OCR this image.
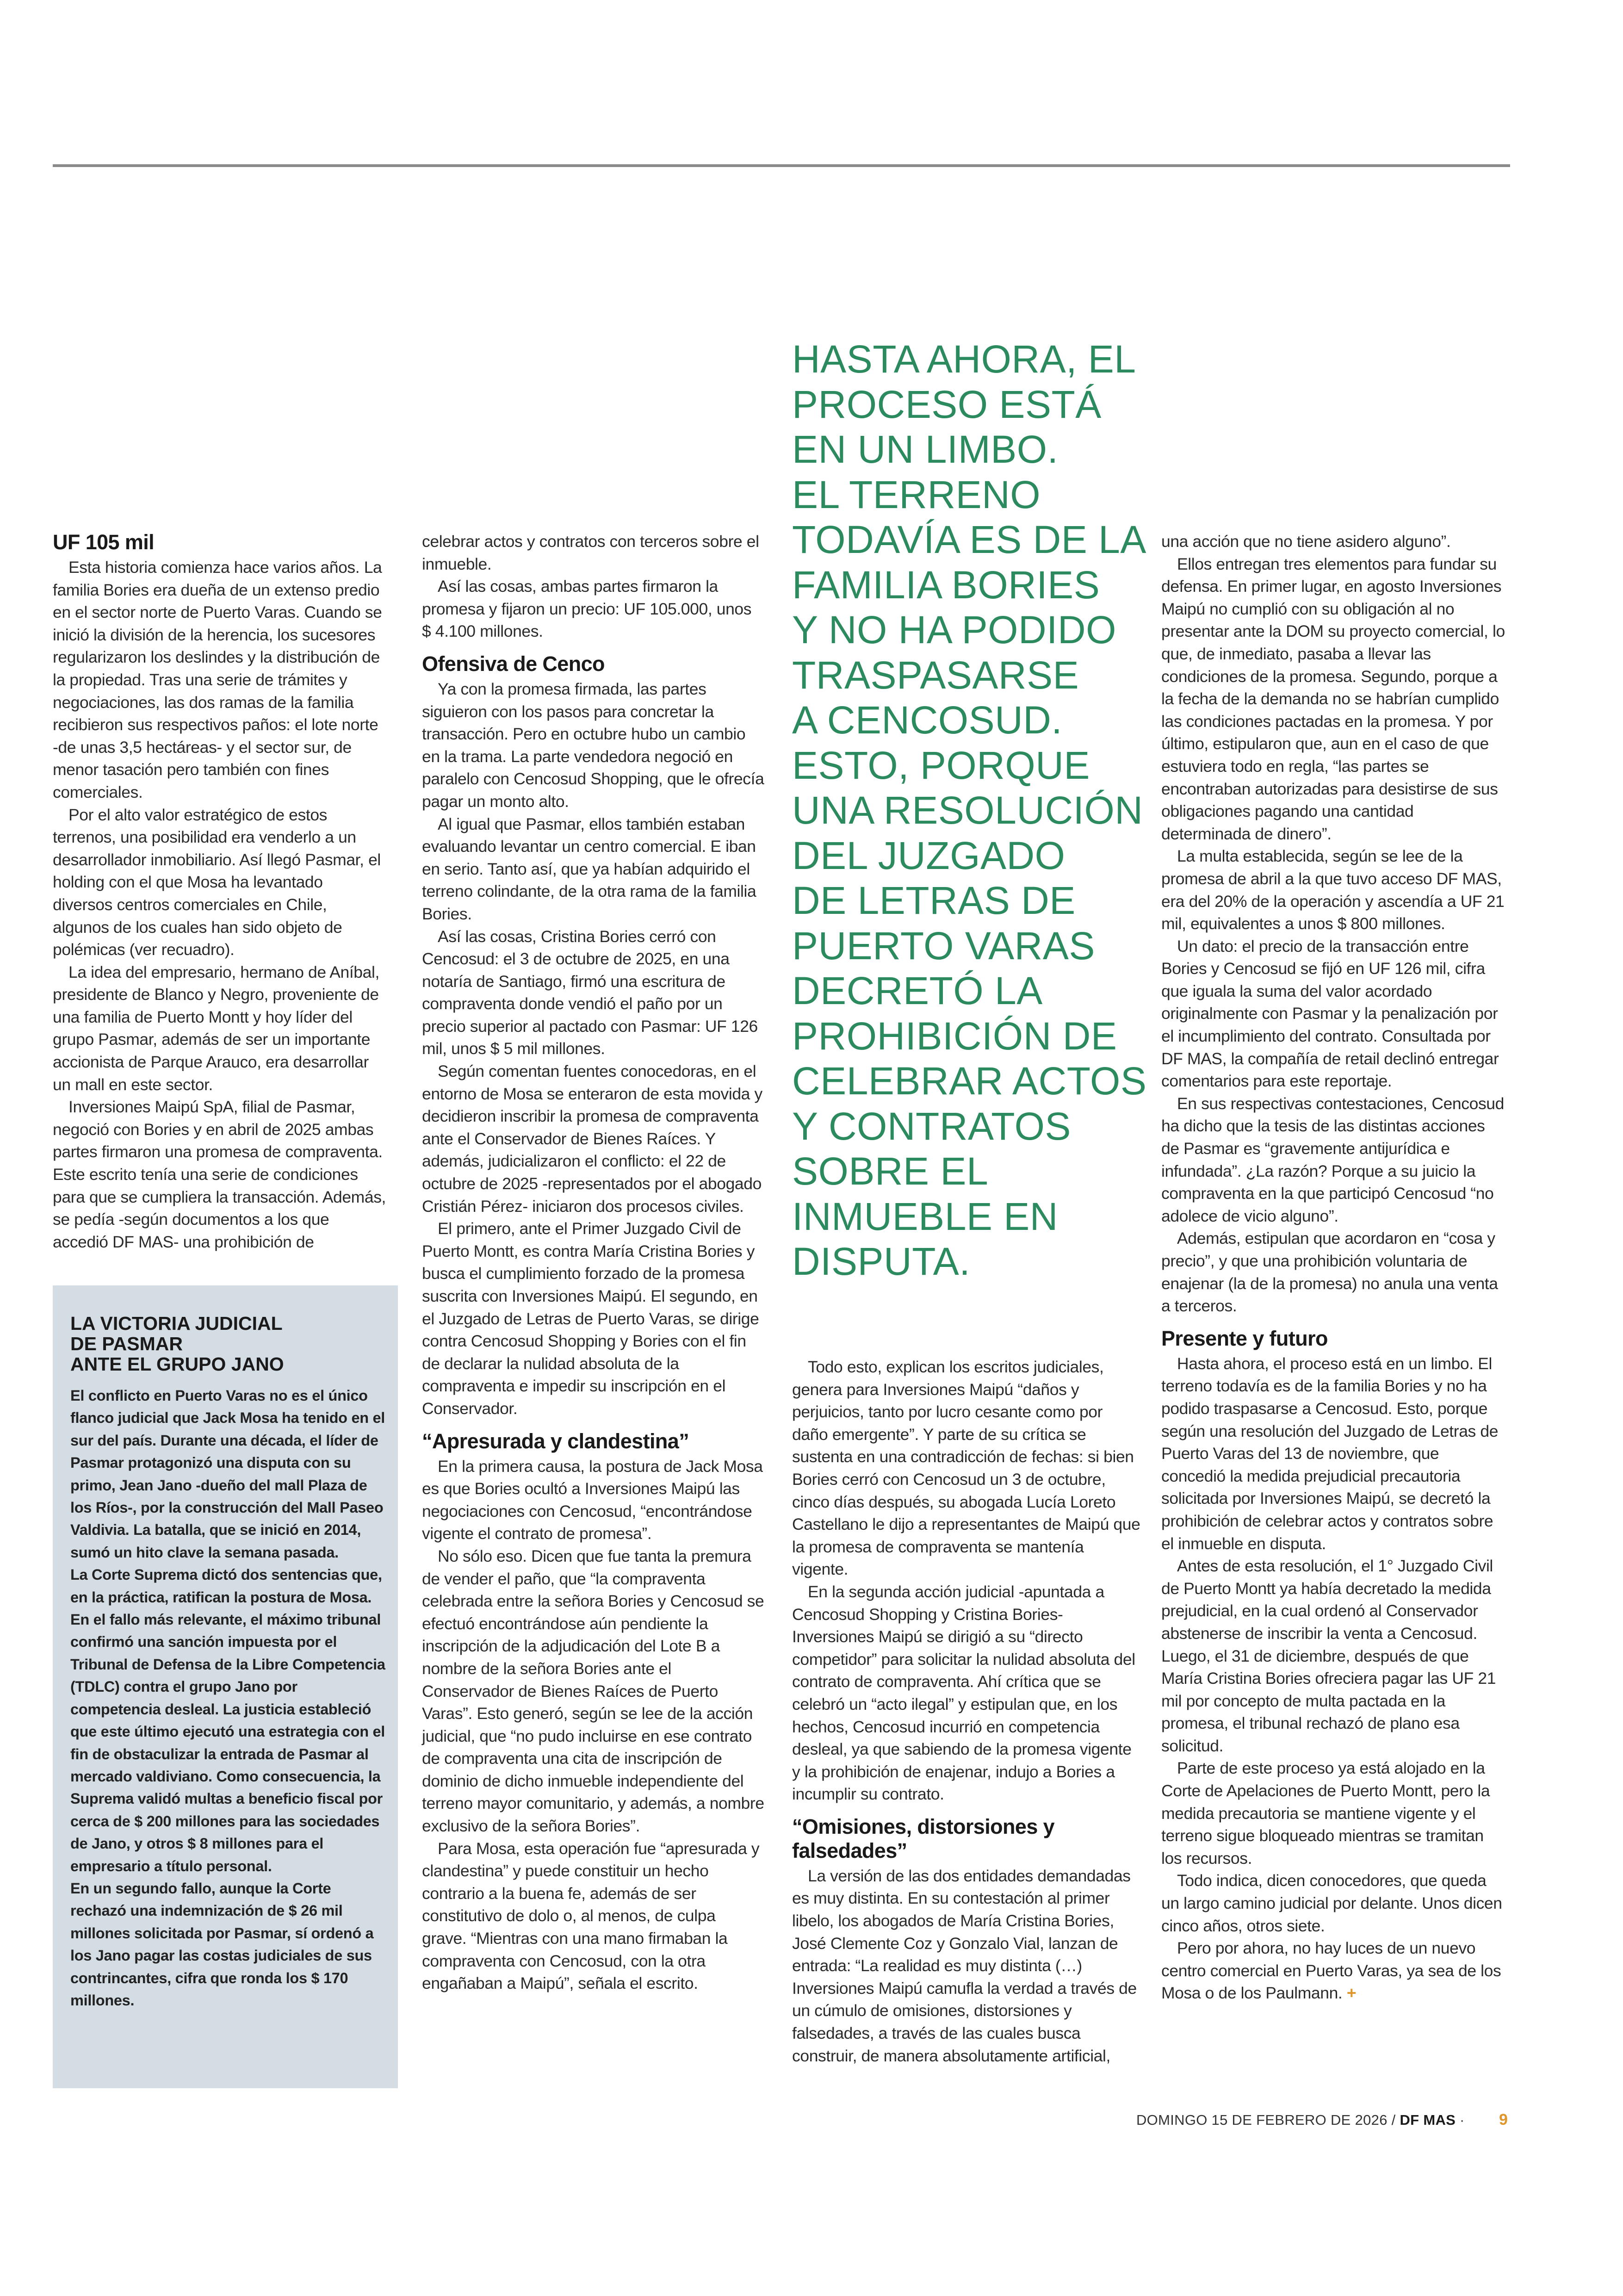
HASTA AHORA, EL
PROCESO ESTÁ
EN UN LIMBO.
EL TERRENO
TODAVÍA ES DE LA
FAMILIA BORIES
Y NO HA PODIDO
TRASPASARSE
A CENCOSUD.
ESTO, PORQUE
UNA RESOLUCIÓN
DEL JUZGADO
DE LETRAS DE
PUERTO VARAS
DECRETÓ LA
PROHIBICIÓN DE
CELEBRAR ACTOS
Y CONTRATOS
SOBRE EL
INMUEBLE EN
DISPUTA.
UF 105 mil

Esta historia comienza hace varios años. La familia Bories era dueña de un extenso predio en el sector norte de Puerto Varas. Cuando se inició la división de la herencia, los sucesores regularizaron los deslindes y la distribución de la propiedad. Tras una serie de trámites y negociaciones, las dos ramas de la familia recibieron sus respectivos paños: el lote norte -de unas 3,5 hectáreas- y el sector sur, de menor tasación pero también con fines comerciales.

Por el alto valor estratégico de estos terrenos, una posibilidad era venderlo a un desarrollador inmobiliario. Así llegó Pasmar, el holding con el que Mosa ha levantado diversos centros comerciales en Chile, algunos de los cuales han sido objeto de polémicas (ver recuadro).

La idea del empresario, hermano de Aníbal, presidente de Blanco y Negro, proveniente de una familia de Puerto Montt y hoy líder del grupo Pasmar, además de ser un importante accionista de Parque Arauco, era desarrollar un mall en este sector.

Inversiones Maipú SpA, filial de Pasmar, negoció con Bories y en abril de 2025 ambas partes firmaron una promesa de compraventa. Este escrito tenía una serie de condiciones para que se cumpliera la transacción. Además, se pedía -según documentos a los que accedió DF MAS- una prohibición de

LA VICTORIA JUDICIAL
DE PASMAR
ANTE EL GRUPO JANO

El conflicto en Puerto Varas no es el único flanco judicial que Jack Mosa ha tenido en el sur del país. Durante una década, el líder de Pasmar protagonizó una disputa con su primo, Jean Jano -dueño del mall Plaza de los Ríos-, por la construcción del Mall Paseo Valdivia. La batalla, que se inició en 2014, sumó un hito clave la semana pasada.

La Corte Suprema dictó dos sentencias que, en la práctica, ratifican la postura de Mosa. En el fallo más relevante, el máximo tribunal confirmó una sanción impuesta por el Tribunal de Defensa de la Libre Competencia (TDLC) contra el grupo Jano por competencia desleal. La justicia estableció que este último ejecutó una estrategia con el fin de obstaculizar la entrada de Pasmar al mercado valdiviano. Como consecuencia, la Suprema validó multas a beneficio fiscal por cerca de $ 200 millones para las sociedades de Jano, y otros $ 8 millones para el empresario a título personal.

En un segundo fallo, aunque la Corte rechazó una indemnización de $ 26 mil millones solicitada por Pasmar, sí ordenó a los Jano pagar las costas judiciales de sus contrincantes, cifra que ronda los $ 170 millones.

celebrar actos y contratos con terceros sobre el inmueble.

Así las cosas, ambas partes firmaron la promesa y fijaron un precio: UF 105.000, unos $ 4.100 millones.

Ofensiva de Cenco

Ya con la promesa firmada, las partes siguieron con los pasos para concretar la transacción. Pero en octubre hubo un cambio en la trama. La parte vendedora negoció en paralelo con Cencosud Shopping, que le ofrecía pagar un monto alto.

Al igual que Pasmar, ellos también estaban evaluando levantar un centro comercial. E iban en serio. Tanto así, que ya habían adquirido el terreno colindante, de la otra rama de la familia Bories.

Así las cosas, Cristina Bories cerró con Cencosud: el 3 de octubre de 2025, en una notaría de Santiago, firmó una escritura de compraventa donde vendió el paño por un precio superior al pactado con Pasmar: UF 126 mil, unos $ 5 mil millones.

Según comentan fuentes conocedoras, en el entorno de Mosa se enteraron de esta movida y decidieron inscribir la promesa de compraventa ante el Conservador de Bienes Raíces. Y además, judicializaron el conflicto: el 22 de octubre de 2025 -representados por el abogado Cristián Pérez- iniciaron dos procesos civiles.

El primero, ante el Primer Juzgado Civil de Puerto Montt, es contra María Cristina Bories y busca el cumplimiento forzado de la promesa suscrita con Inversiones Maipú. El segundo, en el Juzgado de Letras de Puerto Varas, se dirige contra Cencosud Shopping y Bories con el fin de declarar la nulidad absoluta de la compraventa e impedir su inscripción en el Conservador.

“Apresurada y clandestina”

En la primera causa, la postura de Jack Mosa es que Bories ocultó a Inversiones Maipú las negociaciones con Cencosud, “encontrándose vigente el contrato de promesa”.

No sólo eso. Dicen que fue tanta la premura de vender el paño, que “la compraventa celebrada entre la señora Bories y Cencosud se efectuó encontrándose aún pendiente la inscripción de la adjudicación del Lote B a nombre de la señora Bories ante el Conservador de Bienes Raíces de Puerto Varas”. Esto generó, según se lee de la acción judicial, que “no pudo incluirse en ese contrato de compraventa una cita de inscripción de dominio de dicho inmueble independiente del terreno mayor comunitario, y además, a nombre exclusivo de la señora Bories”.

Para Mosa, esta operación fue “apresurada y clandestina” y puede constituir un hecho contrario a la buena fe, además de ser constitutivo de dolo o, al menos, de culpa grave. “Mientras con una mano firmaban la compraventa con Cencosud, con la otra engañaban a Maipú”, señala el escrito.

Todo esto, explican los escritos judiciales, genera para Inversiones Maipú “daños y perjuicios, tanto por lucro cesante como por daño emergente”. Y parte de su crítica se sustenta en una contradicción de fechas: si bien Bories cerró con Cencosud un 3 de octubre, cinco días después, su abogada Lucía Loreto Castellano le dijo a representantes de Maipú que la promesa de compraventa se mantenía vigente.

En la segunda acción judicial -apuntada a Cencosud Shopping y Cristina Bories- Inversiones Maipú se dirigió a su “directo competidor” para solicitar la nulidad absoluta del contrato de compraventa. Ahí crítica que se celebró un “acto ilegal” y estipulan que, en los hechos, Cencosud incurrió en competencia desleal, ya que sabiendo de la promesa vigente y la prohibición de enajenar, indujo a Bories a incumplir su contrato.

“Omisiones, distorsiones y falsedades”

La versión de las dos entidades demandadas es muy distinta. En su contestación al primer libelo, los abogados de María Cristina Bories, José Clemente Coz y Gonzalo Vial, lanzan de entrada: “La realidad es muy distinta (…) Inversiones Maipú camufla la verdad a través de un cúmulo de omisiones, distorsiones y falsedades, a través de las cuales busca construir, de manera absolutamente artificial,

una acción que no tiene asidero alguno”.

Ellos entregan tres elementos para fundar su defensa. En primer lugar, en agosto Inversiones Maipú no cumplió con su obligación al no presentar ante la DOM su proyecto comercial, lo que, de inmediato, pasaba a llevar las condiciones de la promesa. Segundo, porque a la fecha de la demanda no se habrían cumplido las condiciones pactadas en la promesa. Y por último, estipularon que, aun en el caso de que estuviera todo en regla, “las partes se encontraban autorizadas para desistirse de sus obligaciones pagando una cantidad determinada de dinero”.

La multa establecida, según se lee de la promesa de abril a la que tuvo acceso DF MAS, era del 20% de la operación y ascendía a UF 21 mil, equivalentes a unos $ 800 millones.

Un dato: el precio de la transacción entre Bories y Cencosud se fijó en UF 126 mil, cifra que iguala la suma del valor acordado originalmente con Pasmar y la penalización por el incumplimiento del contrato. Consultada por DF MAS, la compañía de retail declinó entregar comentarios para este reportaje.

En sus respectivas contestaciones, Cencosud ha dicho que la tesis de las distintas acciones de Pasmar es “gravemente antijurídica e infundada”. ¿La razón? Porque a su juicio la compraventa en la que participó Cencosud “no adolece de vicio alguno”.

Además, estipulan que acordaron en “cosa y precio”, y que una prohibición voluntaria de enajenar (la de la promesa) no anula una venta a terceros.

Presente y futuro

Hasta ahora, el proceso está en un limbo. El terreno todavía es de la familia Bories y no ha podido traspasarse a Cencosud. Esto, porque según una resolución del Juzgado de Letras de Puerto Varas del 13 de noviembre, que concedió la medida prejudicial precautoria solicitada por Inversiones Maipú, se decretó la prohibición de celebrar actos y contratos sobre el inmueble en disputa.

Antes de esta resolución, el 1° Juzgado Civil de Puerto Montt ya había decretado la medida prejudicial, en la cual ordenó al Conservador abstenerse de inscribir la venta a Cencosud. Luego, el 31 de diciembre, después de que María Cristina Bories ofreciera pagar las UF 21 mil por concepto de multa pactada en la promesa, el tribunal rechazó de plano esa solicitud.

Parte de este proceso ya está alojado en la Corte de Apelaciones de Puerto Montt, pero la medida precautoria se mantiene vigente y el terreno sigue bloqueado mientras se tramitan los recursos.

Todo indica, dicen conocedores, que queda un largo camino judicial por delante. Unos dicen cinco años, otros siete.

Pero por ahora, no hay luces de un nuevo centro comercial en Puerto Varas, ya sea de los Mosa o de los Paulmann. +

DOMINGO 15 DE FEBRERO DE 2026 / DF MAS · 9
